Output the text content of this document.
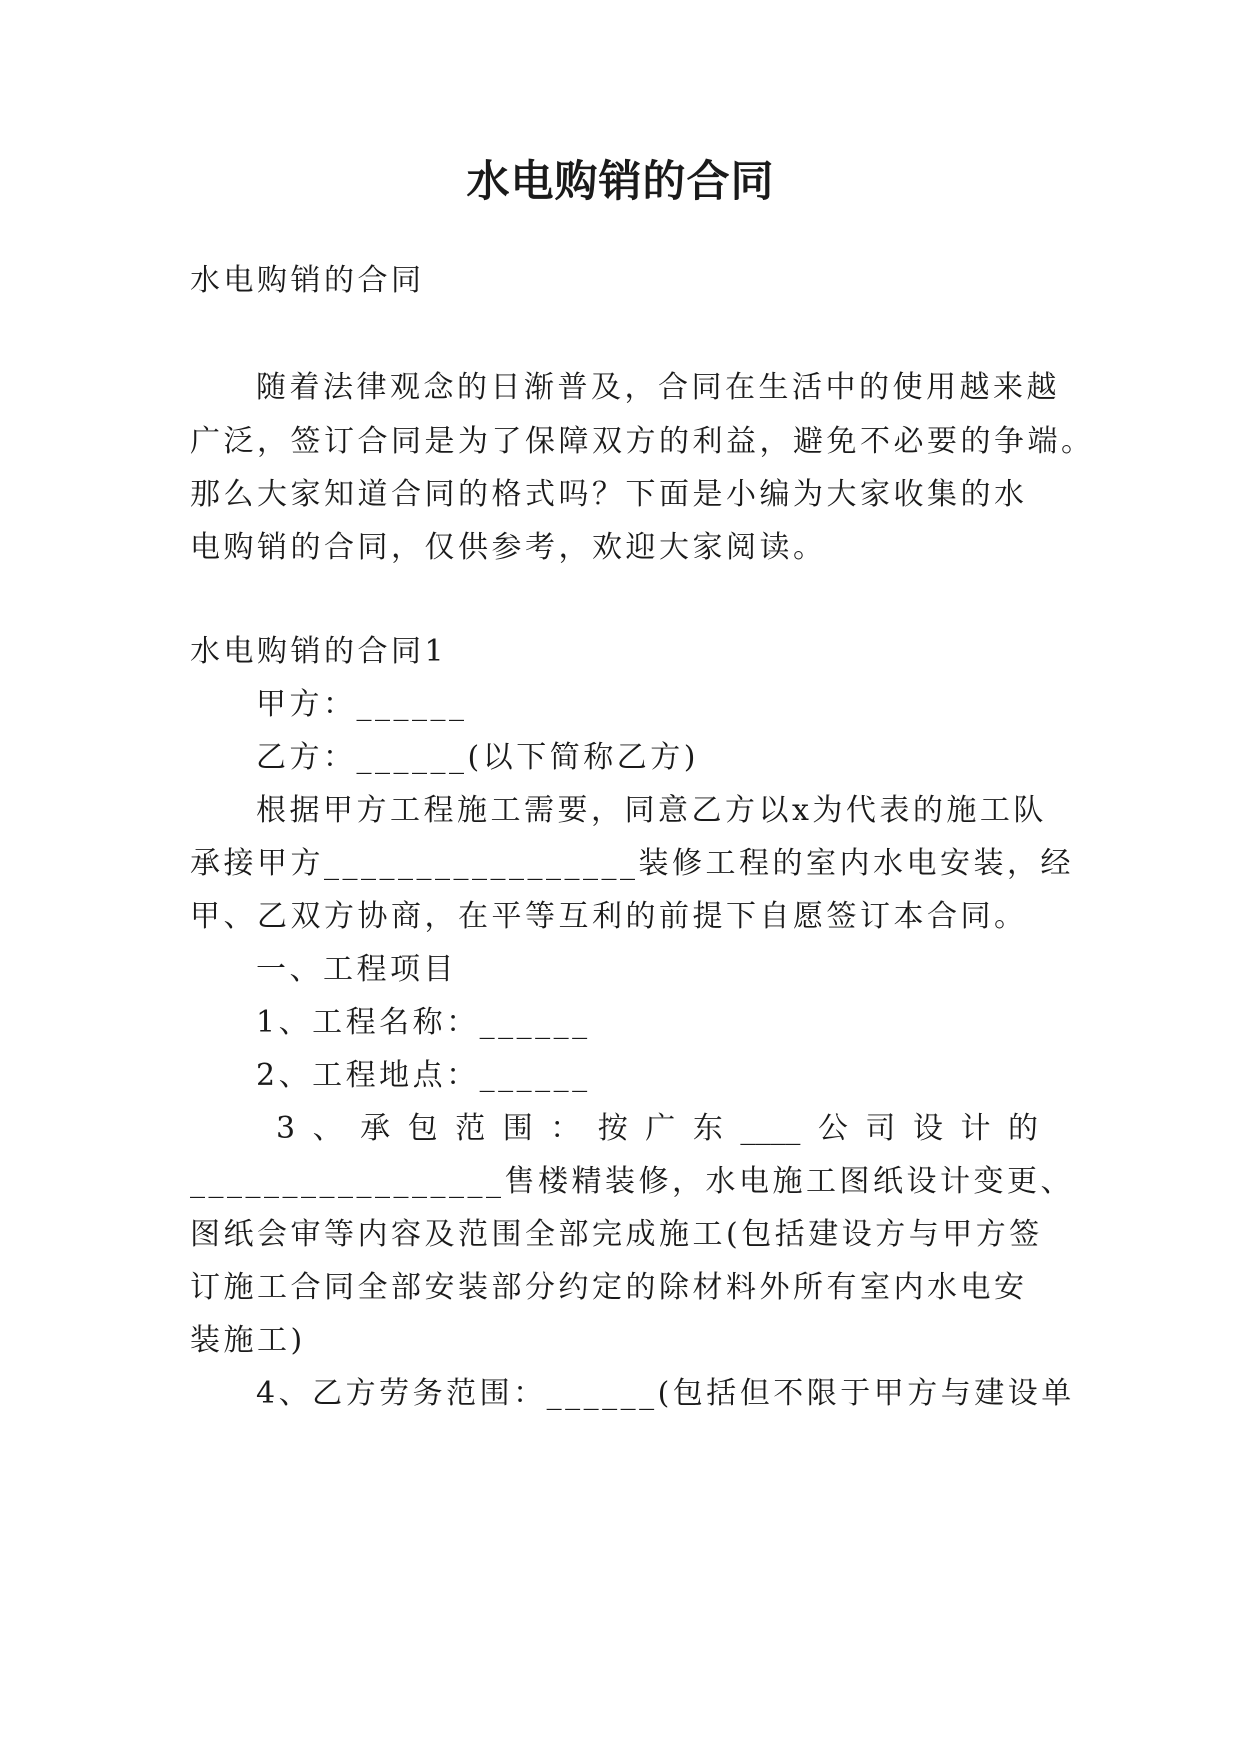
水电购销的合同
水电购销的合同
随着法律观念的日渐普及，合同在生活中的使用越来越
广泛，签订合同是为了保障双方的利益，避免不必要的争端。
那么大家知道合同的格式吗？下面是小编为大家收集的水
电购销的合同，仅供参考，欢迎大家阅读。
水电购销的合同1
甲方：______
乙方：______(以下简称乙方)
根据甲方工程施工需要，同意乙方以x为代表的施工队
承接甲方_________________装修工程的室内水电安装，经
甲、乙双方协商，在平等互利的前提下自愿签订本合同。
一、工程项目
1、工程名称：______
2、工程地点：______
3、承包范围：按广东____公司设计的
_________________售楼精装修，水电施工图纸设计变更、
图纸会审等内容及范围全部完成施工(包括建设方与甲方签
订施工合同全部安装部分约定的除材料外所有室内水电安
装施工)
4、乙方劳务范围：______(包括但不限于甲方与建设单
